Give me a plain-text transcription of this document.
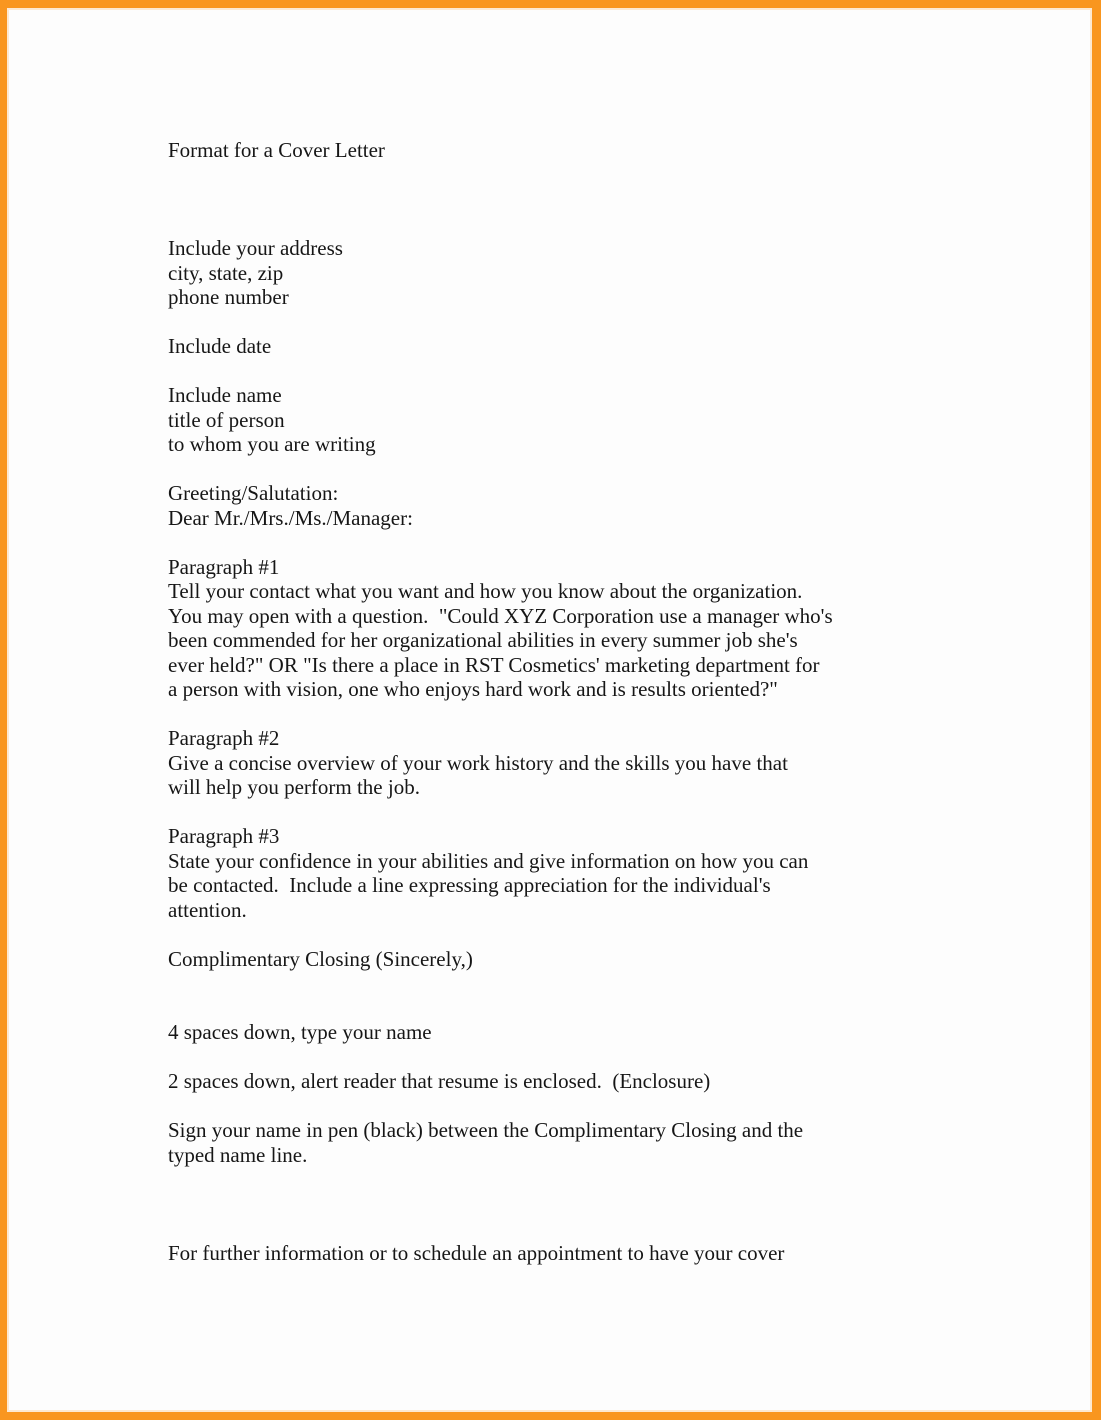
Format for a Cover Letter
Include your address
city, state, zip
phone number
Include date
Include name
title of person
to whom you are writing
Greeting/Salutation:
Dear Mr./Mrs./Ms./Manager:
Paragraph #1
Tell your contact what you want and how you know about the organization.
You may open with a question.  "Could XYZ Corporation use a manager who's
been commended for her organizational abilities in every summer job she's
ever held?" OR "Is there a place in RST Cosmetics' marketing department for
a person with vision, one who enjoys hard work and is results oriented?"
Paragraph #2
Give a concise overview of your work history and the skills you have that
will help you perform the job.
Paragraph #3
State your confidence in your abilities and give information on how you can
be contacted.  Include a line expressing appreciation for the individual's
attention.
Complimentary Closing (Sincerely,)
4 spaces down, type your name
2 spaces down, alert reader that resume is enclosed.  (Enclosure)
Sign your name in pen (black) between the Complimentary Closing and the
typed name line.
For further information or to schedule an appointment to have your cover
